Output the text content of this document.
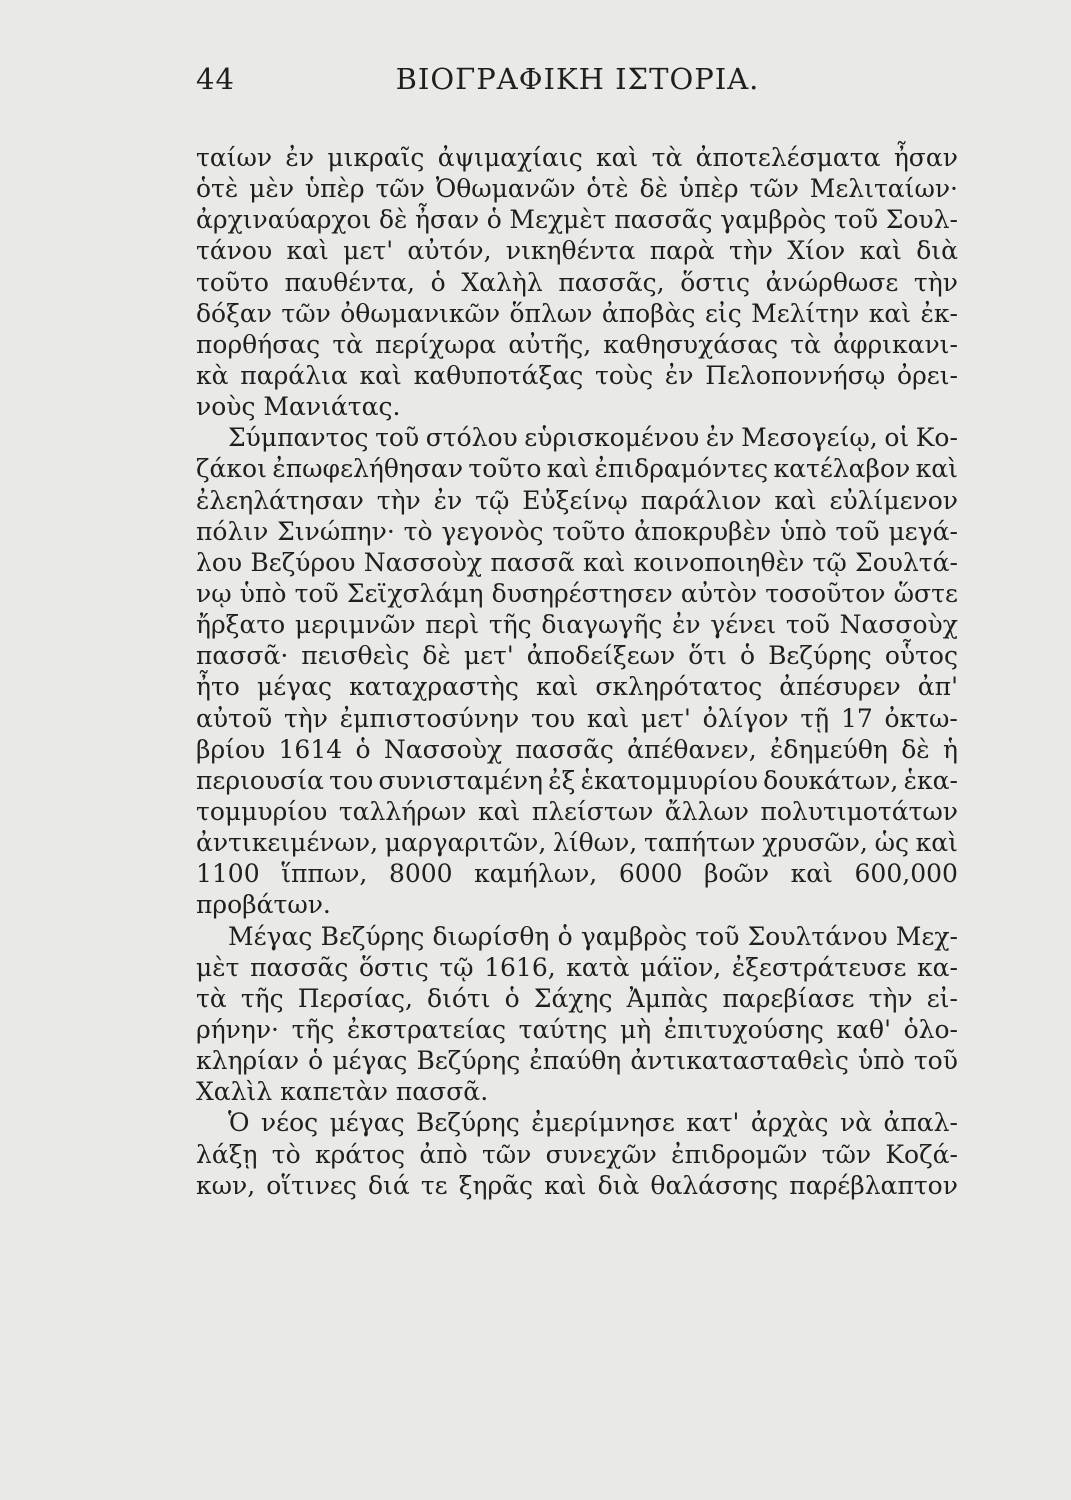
44	ΒΙΟΓΡΑΦΙΚΗ ΙΣΤΟΡΙΑ.
ταίων ἐν μικραῖς ἀψιμαχίαις καὶ τὰ ἀποτελέσματα ἦσαν
ὁτὲ μὲν ὑπὲρ τῶν Ὀθωμανῶν ὁτὲ δὲ ὑπὲρ τῶν Μελιταίων·
ἀρχιναύαρχοι δὲ ἦσαν ὁ Μεχμὲτ πασσᾶς γαμβρὸς τοῦ Σουλ-
τάνου καὶ μετ' αὐτόν, νικηθέντα παρὰ τὴν Χίον καὶ διὰ
τοῦτο παυθέντα, ὁ Χαλὴλ πασσᾶς, ὅστις ἀνώρθωσε τὴν
δόξαν τῶν ὀθωμανικῶν ὅπλων ἀποβὰς εἰς Μελίτην καὶ ἐκ-
πορθήσας τὰ περίχωρα αὐτῆς, καθησυχάσας τὰ ἀφρικανι-
κὰ παράλια καὶ καθυποτάξας τοὺς ἐν Πελοποννήσῳ ὀρει-
νοὺς Μανιάτας.
Σύμπαντος τοῦ στόλου εὑρισκομένου ἐν Μεσογείῳ, οἱ Κο-
ζάκοι ἐπωφελήθησαν τοῦτο καὶ ἐπιδραμόντες κατέλαβον καὶ
ἐλεηλάτησαν τὴν ἐν τῷ Εὐξείνῳ παράλιον καὶ εὐλίμενον
πόλιν Σινώπην· τὸ γεγονὸς τοῦτο ἀποκρυβὲν ὑπὸ τοῦ μεγά-
λου Βεζύρου Νασσοὺχ πασσᾶ καὶ κοινοποιηθὲν τῷ Σουλτά-
νῳ ὑπὸ τοῦ Σεϊχσλάμη δυσηρέστησεν αὐτὸν τοσοῦτον ὥστε
ἤρξατο μεριμνῶν περὶ τῆς διαγωγῆς ἐν γένει τοῦ Νασσοὺχ
πασσᾶ· πεισθεὶς δὲ μετ' ἀποδείξεων ὅτι ὁ Βεζύρης οὗτος
ἦτο μέγας καταχραστὴς καὶ σκληρότατος ἀπέσυρεν ἀπ'
αὐτοῦ τὴν ἐμπιστοσύνην του καὶ μετ' ὀλίγον τῇ 17 ὀκτω-
βρίου 1614 ὁ Νασσοὺχ πασσᾶς ἀπέθανεν, ἐδημεύθη δὲ ἡ
περιουσία του συνισταμένη ἐξ ἑκατομμυρίου δουκάτων, ἑκα-
τομμυρίου ταλλήρων καὶ πλείστων ἄλλων πολυτιμοτάτων
ἀντικειμένων, μαργαριτῶν, λίθων, ταπήτων χρυσῶν, ὡς καὶ
1100 ἵππων, 8000 καμήλων, 6000 βοῶν καὶ 600,000
προβάτων.
Μέγας Βεζύρης διωρίσθη ὁ γαμβρὸς τοῦ Σουλτάνου Μεχ-
μὲτ πασσᾶς ὅστις τῷ 1616, κατὰ μάϊον, ἐξεστράτευσε κα-
τὰ τῆς Περσίας, διότι ὁ Σάχης Ἀμπὰς παρεβίασε τὴν εἰ-
ρήνην· τῆς ἐκστρατείας ταύτης μὴ ἐπιτυχούσης καθ' ὁλο-
κληρίαν ὁ μέγας Βεζύρης ἐπαύθη ἀντικατασταθεὶς ὑπὸ τοῦ
Χαλὶλ καπετὰν πασσᾶ.
Ὁ νέος μέγας Βεζύρης ἐμερίμνησε κατ' ἀρχὰς νὰ ἀπαλ-
λάξῃ τὸ κράτος ἀπὸ τῶν συνεχῶν ἐπιδρομῶν τῶν Κοζά-
κων, οἵτινες διά τε ξηρᾶς καὶ διὰ θαλάσσης παρέβλαπτον
